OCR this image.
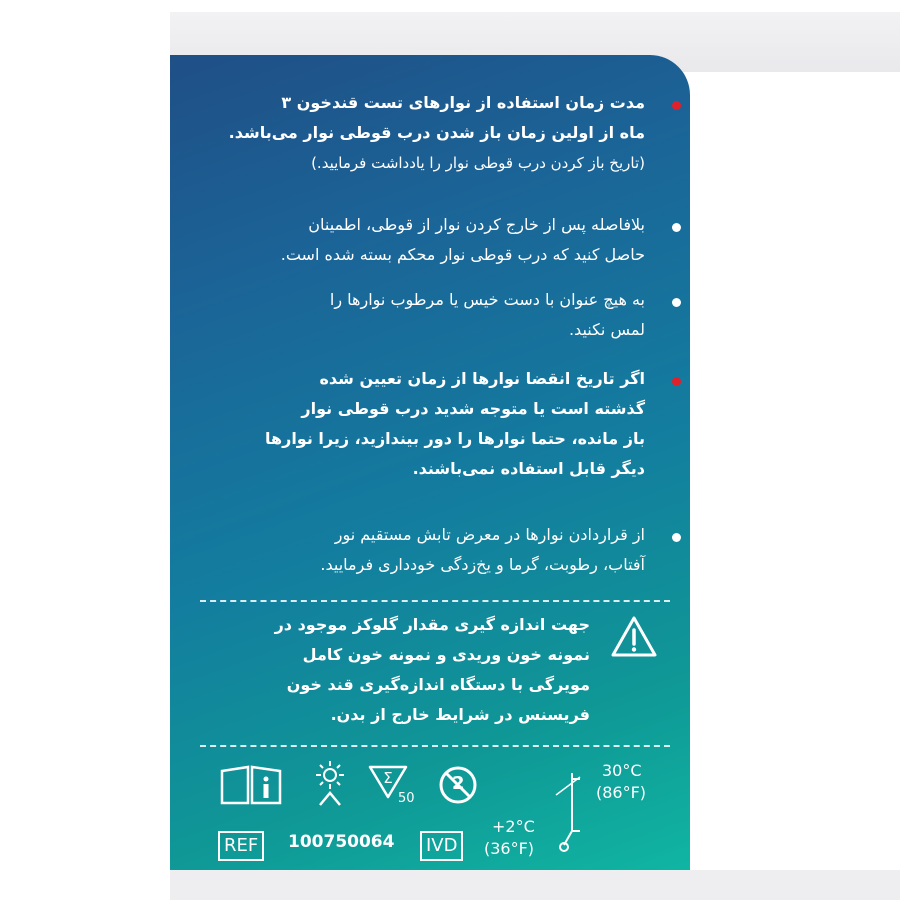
مدت زمان استفاده از نوارهای تست قندخون ۳
ماه از اولین زمان باز شدن درب قوطی نوار می‌باشد.
(تاریخ باز کردن درب قوطی نوار را یادداشت فرمایید.)
بلافاصله پس از خارج کردن نوار از قوطی، اطمینان
حاصل کنید که درب قوطی نوار محکم بسته شده است.
به هیچ عنوان با دست خیس یا مرطوب نوارها را
لمس نکنید.
اگر تاریخ انقضا نوارها از زمان تعیین شده
گذشته است یا متوجه شدید درب قوطی نوار
باز مانده، حتما نوارها را دور بیندازید، زیرا نوارها
دیگر قابل استفاده نمی‌باشند.
از قراردادن نوارها در معرض تابش مستقیم نور
آفتاب، رطوبت، گرما و یخ‌زدگی خودداری فرمایید.
جهت اندازه گیری مقدار گلوکز موجود در
نمونه خون وریدی و نمونه خون کامل
مویرگی با دستگاه اندازه‌گیری قند خون
فریسنس در شرایط خارج از بدن.
Σ
50
2
30°C
(86°F)
REF	100750064	IVD
+2°C
(36°F)
